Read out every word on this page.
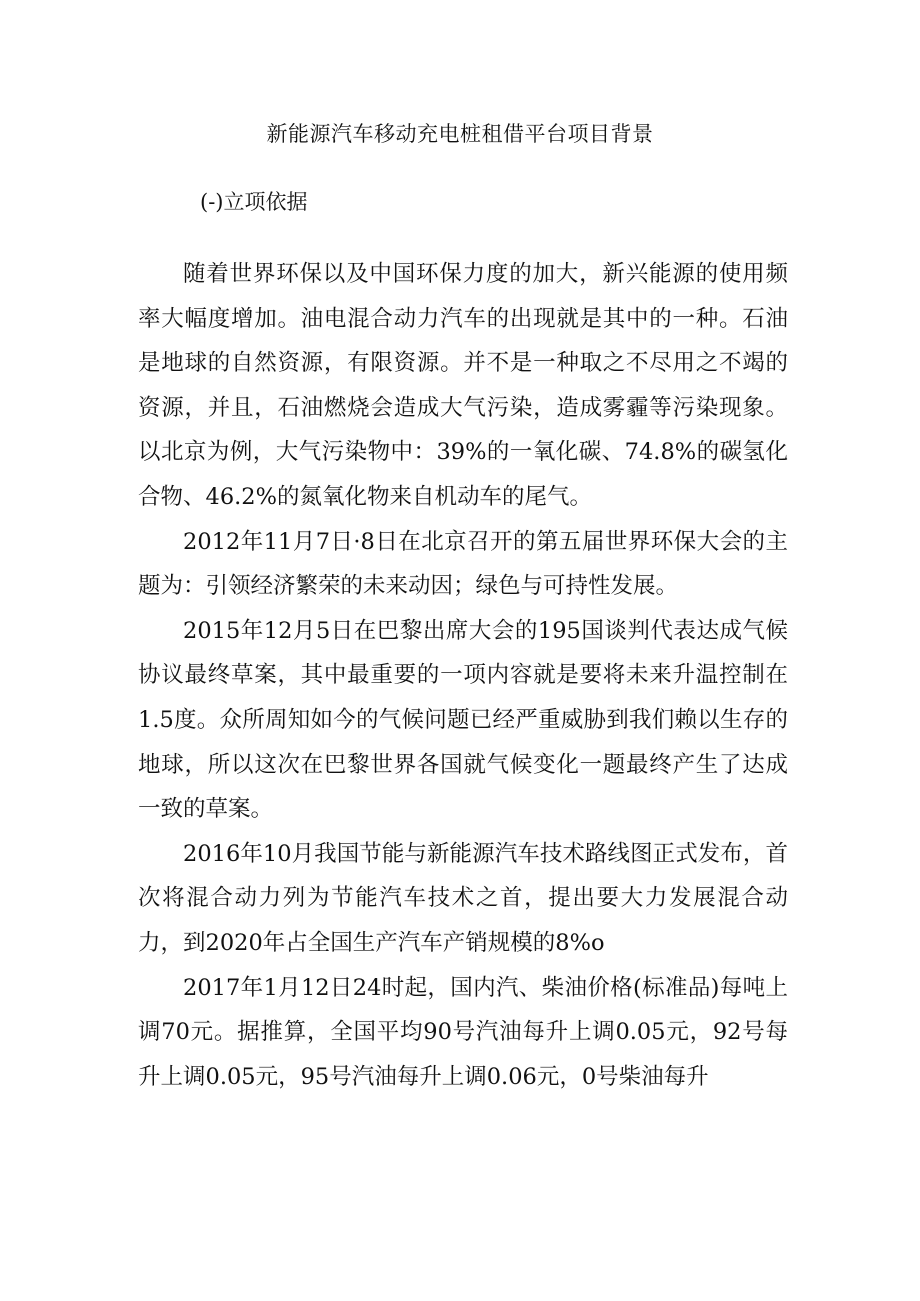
新能源汽车移动充电桩租借平台项目背景
(-)立项依据

随着世界环保以及中国环保力度的加大，新兴能源的使用频率大幅度增加。油电混合动力汽车的出现就是其中的一种。石油是地球的自然资源，有限资源。并不是一种取之不尽用之不竭的资源，并且，石油燃烧会造成大气污染，造成雾霾等污染现象。以北京为例，大气污染物中：39%的一氧化碳、74.8%的碳氢化合物、46.2%的氮氧化物来自机动车的尾气。

2012年11月7日·8日在北京召开的第五届世界环保大会的主题为：引领经济繁荣的未来动因；绿色与可持性发展。

2015年12月5日在巴黎出席大会的195国谈判代表达成气候协议最终草案，其中最重要的一项内容就是要将未来升温控制在1.5度。众所周知如今的气候问题已经严重威胁到我们赖以生存的地球，所以这次在巴黎世界各国就气候变化一题最终产生了达成一致的草案。

2016年10月我国节能与新能源汽车技术路线图正式发布，首次将混合动力列为节能汽车技术之首，提出要大力发展混合动力，到2020年占全国生产汽车产销规模的8%o

2017年1月12日24时起，国内汽、柴油价格(标准品)每吨上调70元。据推算，全国平均90号汽油每升上调0.05元，92号每升上调0.05元，95号汽油每升上调0.06元，0号柴油每升
